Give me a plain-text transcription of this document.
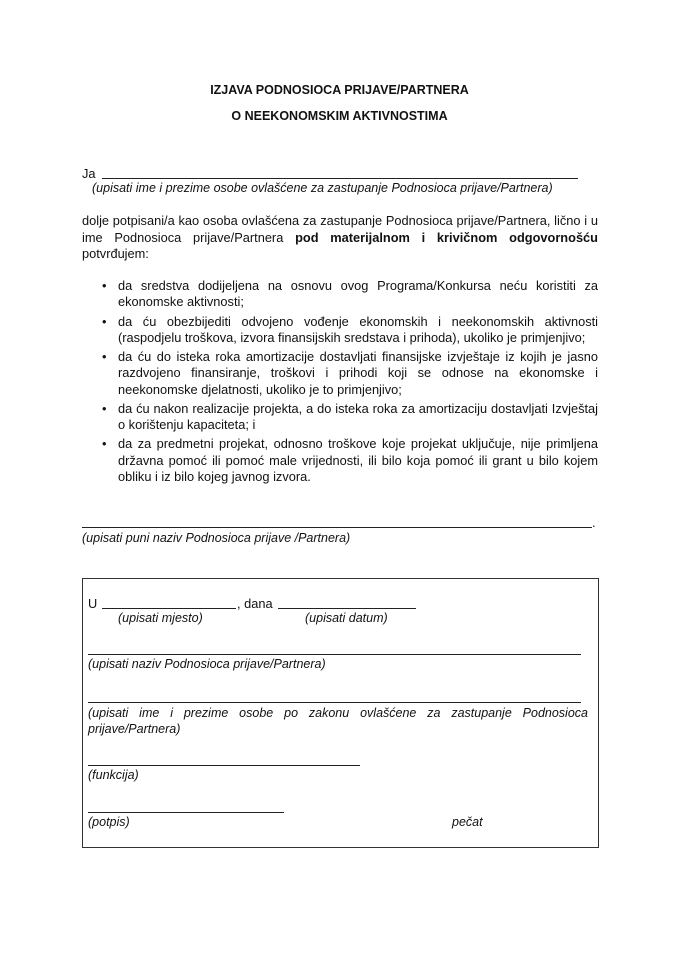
IZJAVA PODNOSIOCA PRIJAVE/PARTNERA
O NEEKONOMSKIM AKTIVNOSTIMA
Ja
(upisati ime i prezime osobe ovlašćene za zastupanje Podnosioca prijave/Partnera)
dolje potpisani/a kao osoba ovlašćena za zastupanje Podnosioca prijave/Partnera, lično i u ime Podnosioca prijave/Partnera pod materijalnom i krivičnom odgovornošću potvrđujem:
• da sredstva dodijeljena na osnovu ovog Programa/Konkursa neću koristiti za ekonomske aktivnosti;
• da ću obezbijediti odvojeno vođenje ekonomskih i neekonomskih aktivnosti (raspodjelu troškova, izvora finansijskih sredstava i prihoda), ukoliko je primjenjivo;
• da ću do isteka roka amortizacije dostavljati finansijske izvještaje iz kojih je jasno razdvojeno finansiranje, troškovi i prihodi koji se odnose na ekonomske i neekonomske djelatnosti, ukoliko je to primjenjivo;
• da ću nakon realizacije projekta, a do isteka roka za amortizaciju dostavljati Izvještaj o korištenju kapaciteta; i
• da za predmetni projekat, odnosno troškove koje projekat uključuje, nije primljena državna pomoć ili pomoć male vrijednosti, ili bilo koja pomoć ili grant u bilo kojem obliku i iz bilo kojeg javnog izvora.
.
(upisati puni naziv Podnosioca prijave /Partnera)
U	, dana
(upisati mjesto)	(upisati datum)
(upisati naziv Podnosioca prijave/Partnera)
(upisati ime i prezime osobe po zakonu ovlašćene za zastupanje Podnosioca prijave/Partnera)
(funkcija)
(potpis)	pečat
